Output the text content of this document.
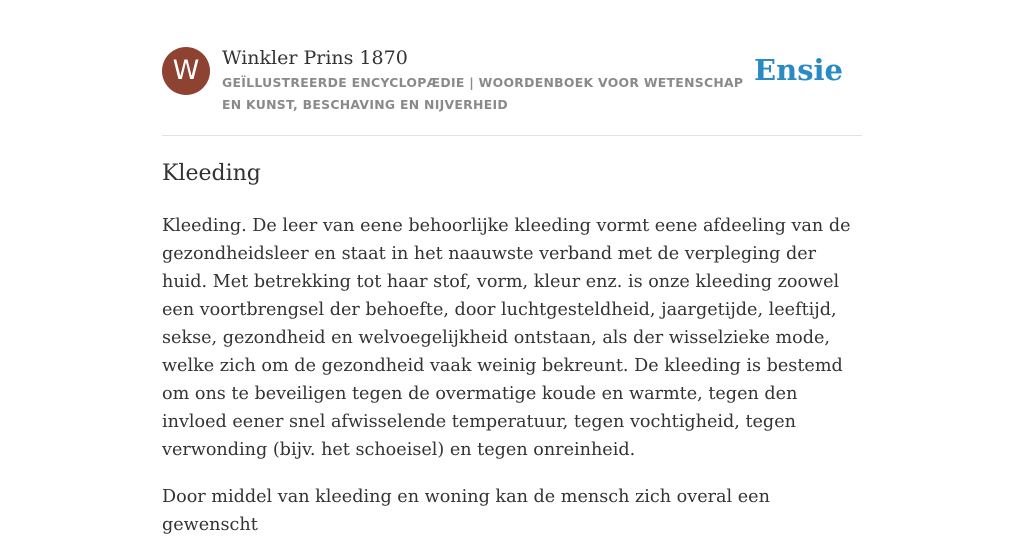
W	Winkler Prins 1870
GEÏLLUSTREERDE ENCYCLOPÆDIE | WOORDENBOEK VOOR WETENSCHAP EN KUNST, BESCHAVING EN NIJVERHEID
Ensie
Kleeding

Kleeding. De leer van eene behoorlijke kleeding vormt eene afdeeling van de gezondheidsleer en staat in het naauwste verband met de verpleging der huid. Met betrekking tot haar stof, vorm, kleur enz. is onze kleeding zoowel een voortbrengsel der behoefte, door luchtgesteldheid, jaargetijde, leeftijd, sekse, gezondheid en welvoegelijkheid ontstaan, als der wisselzieke mode, welke zich om de gezondheid vaak weinig bekreunt. De kleeding is bestemd om ons te beveiligen tegen de overmatige koude en warmte, tegen den invloed eener snel afwisselende temperatuur, tegen vochtigheid, tegen verwonding (bijv. het schoeisel) en tegen onreinheid.

Door middel van kleeding en woning kan de mensch zich overal een gewenscht
